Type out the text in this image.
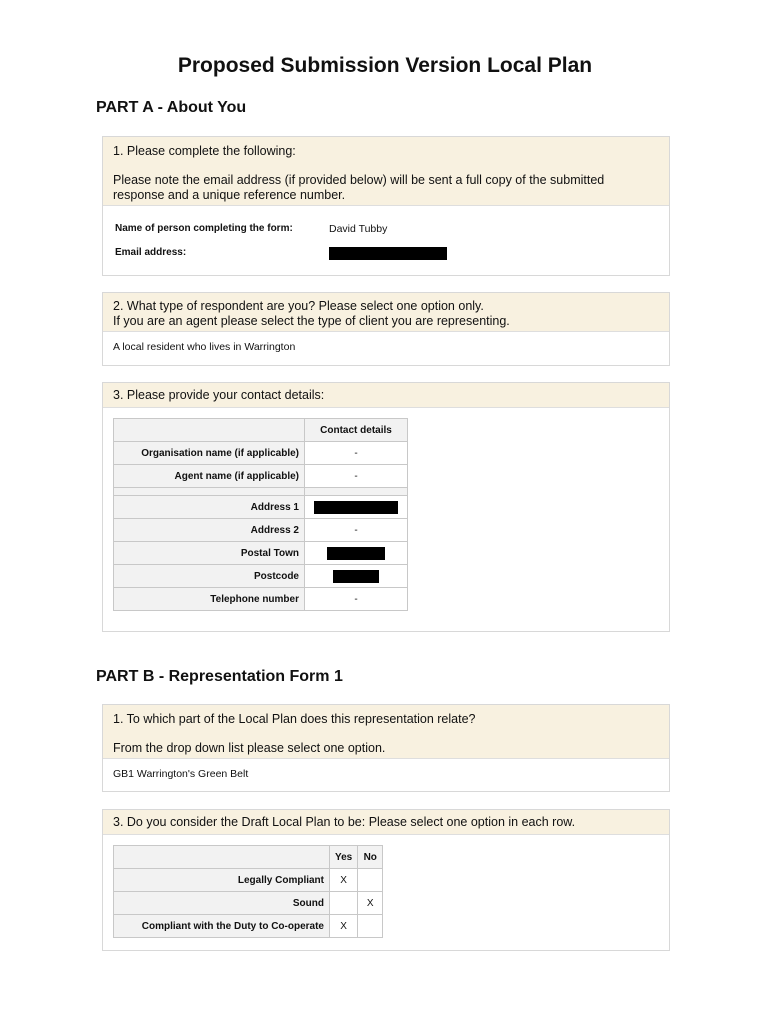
Proposed Submission Version Local Plan
PART A - About You
1. Please complete the following:
Please note the email address (if provided below) will be sent a full copy of the submitted response and a unique reference number.
Name of person completing the form:	David Tubby
Email address:
2. What type of respondent are you? Please select one option only.
If you are an agent please select the type of client you are representing.
A local resident who lives in Warrington
3. Please provide your contact details:
	Contact details
Organisation name (if applicable)	-
Agent name (if applicable)	-

Address 1	
Address 2	-
Postal Town	
Postcode	
Telephone number	-
PART B - Representation Form 1
1. To which part of the Local Plan does this representation relate?
From the drop down list please select one option.
GB1 Warrington's Green Belt
3. Do you consider the Draft Local Plan to be: Please select one option in each row.
	Yes	No
Legally Compliant	X	
Sound		X
Compliant with the Duty to Co-operate	X	
